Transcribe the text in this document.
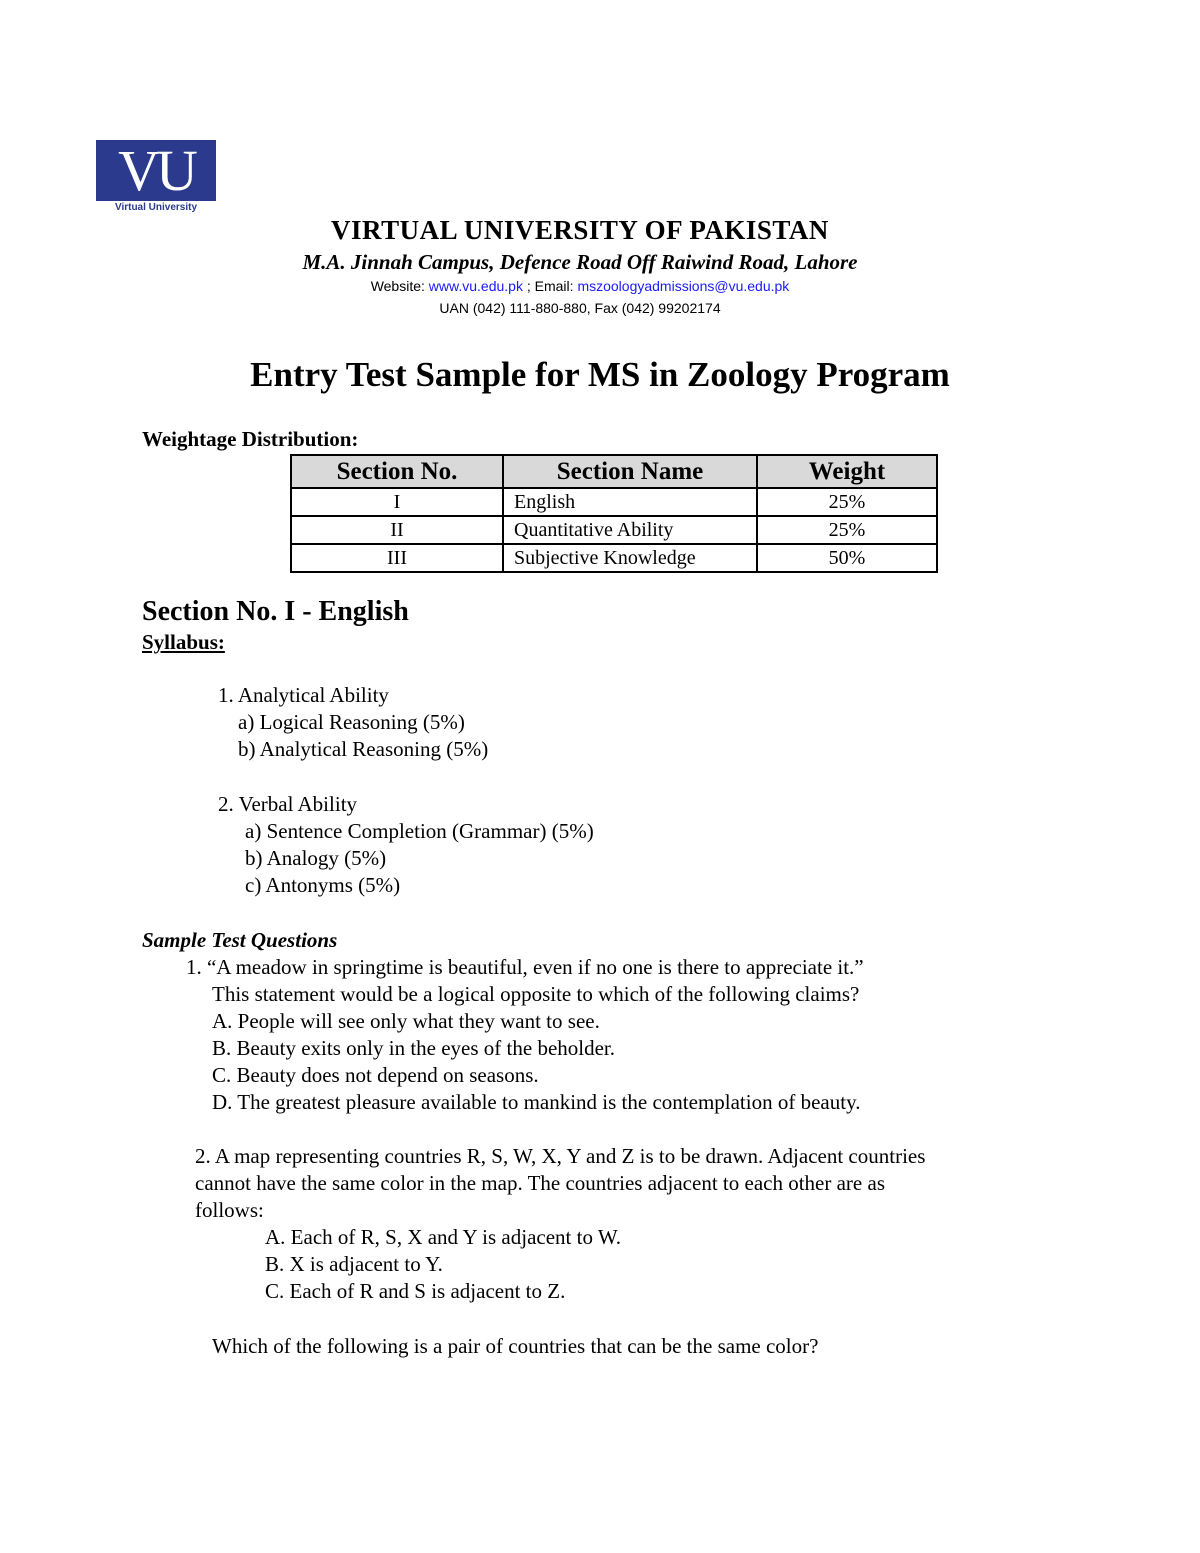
VU
Virtual University
VIRTUAL UNIVERSITY OF PAKISTAN
M.A. Jinnah Campus, Defence Road Off Raiwind Road, Lahore
Website: www.vu.edu.pk ; Email: mszoologyadmissions@vu.edu.pk
UAN (042) 111-880-880, Fax (042) 99202174
Entry Test Sample for MS in Zoology Program
Weightage Distribution:
Section No.	Section Name	Weight
I	English	25%
II	Quantitative Ability	25%
III	Subjective Knowledge	50%
Section No. I - English
Syllabus:
1. Analytical Ability
a) Logical Reasoning (5%)
b) Analytical Reasoning (5%)
2. Verbal Ability
a) Sentence Completion (Grammar) (5%)
b) Analogy (5%)
c) Antonyms (5%)
Sample Test Questions
1. “A meadow in springtime is beautiful, even if no one is there to appreciate it.”
This statement would be a logical opposite to which of the following claims?
A. People will see only what they want to see.
B. Beauty exits only in the eyes of the beholder.
C. Beauty does not depend on seasons.
D. The greatest pleasure available to mankind is the contemplation of beauty.
2. A map representing countries R, S, W, X, Y and Z is to be drawn. Adjacent countries
cannot have the same color in the map. The countries adjacent to each other are as
follows:
A. Each of R, S, X and Y is adjacent to W.
B. X is adjacent to Y.
C. Each of R and S is adjacent to Z.
Which of the following is a pair of countries that can be the same color?
